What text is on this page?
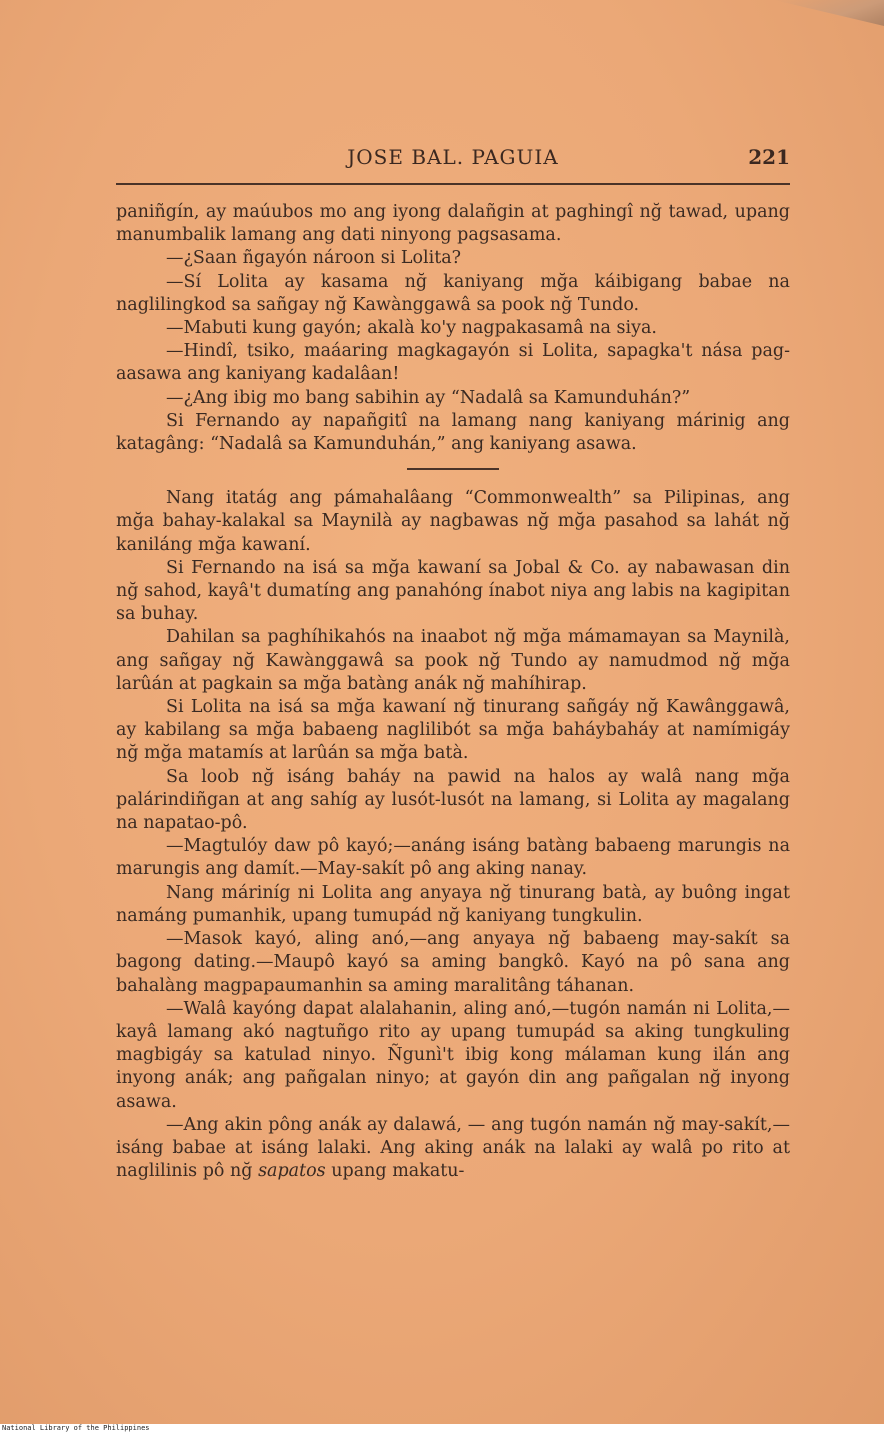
JOSE BAL. PAGUIA	221

paniñgín, ay maúubos mo ang iyong dalañgin at paghingî nğ tawad, upang manumbalik lamang ang dati ninyong pagsasama.

—¿Saan ñgayón nároon si Lolita?

—Sí Lolita ay kasama nğ kaniyang mğa káibigang babae na naglilingkod sa sañgay nğ Kawànggawâ sa pook nğ Tundo.

—Mabuti kung gayón; akalà ko'y nagpakasamâ na siya.

—Hindî, tsiko, maáaring magkagayón si Lolita, sapagka't nása pag-aasawa ang kaniyang kadalâan!

—¿Ang ibig mo bang sabihin ay “Nadalâ sa Kamunduhán?”

Si Fernando ay napañgitî na lamang nang kaniyang márinig ang katagâng: “Nadalâ sa Kamunduhán,” ang kaniyang asawa.

Nang itatág ang pámahalâang “Commonwealth” sa Pilipinas, ang mğa bahay-kalakal sa Maynilà ay nagbawas nğ mğa pasahod sa lahát nğ kaniláng mğa kawaní.

Si Fernando na isá sa mğa kawaní sa Jobal & Co. ay nabawasan din nğ sahod, kayâ't dumatíng ang panahóng ínabot niya ang labis na kagipitan sa buhay.

Dahilan sa paghíhikahós na inaabot nğ mğa mámamayan sa Maynilà, ang sañgay nğ Kawànggawâ sa pook nğ Tundo ay namudmod nğ mğa larûán at pagkain sa mğa batàng anák nğ mahíhirap.

Si Lolita na isá sa mğa kawaní nğ tinurang sañgáy nğ Kawânggawâ, ay kabilang sa mğa babaeng naglilibót sa mğa baháybaháy at namímigáy nğ mğa matamís at larûán sa mğa batà.

Sa loob nğ isáng baháy na pawid na halos ay walâ nang mğa palárindiñgan at ang sahíg ay lusót-lusót na lamang, si Lolita ay magalang na napatao-pô.

—Magtulóy daw pô kayó;—anáng isáng batàng babaeng marungis na marungis ang damít.—May-sakít pô ang aking nanay.

Nang máriníg ni Lolita ang anyaya nğ tinurang batà, ay buông ingat namáng pumanhik, upang tumupád nğ kaniyang tungkulin.

—Masok kayó, aling anó,—ang anyaya nğ babaeng may-sakít sa bagong dating.—Maupô kayó sa aming bangkô. Kayó na pô sana ang bahalàng magpapaumanhin sa aming maralitâng táhanan.

—Walâ kayóng dapat alalahanin, aling anó,—tugón namán ni Lolita,—kayâ lamang akó nagtuñgo rito ay upang tumupád sa aking tungkuling magbigáy sa katulad ninyo. Ñgunì't ibig kong málaman kung ilán ang inyong anák; ang pañgalan ninyo; at gayón din ang pañgalan nğ inyong asawa.

—Ang akin pông anák ay dalawá, — ang tugón namán nğ may-sakít,—isáng babae at isáng lalaki. Ang aking anák na lalaki ay walâ po rito at naglilinis pô nğ sapatos upang makatu-

National Library of the Philippines
